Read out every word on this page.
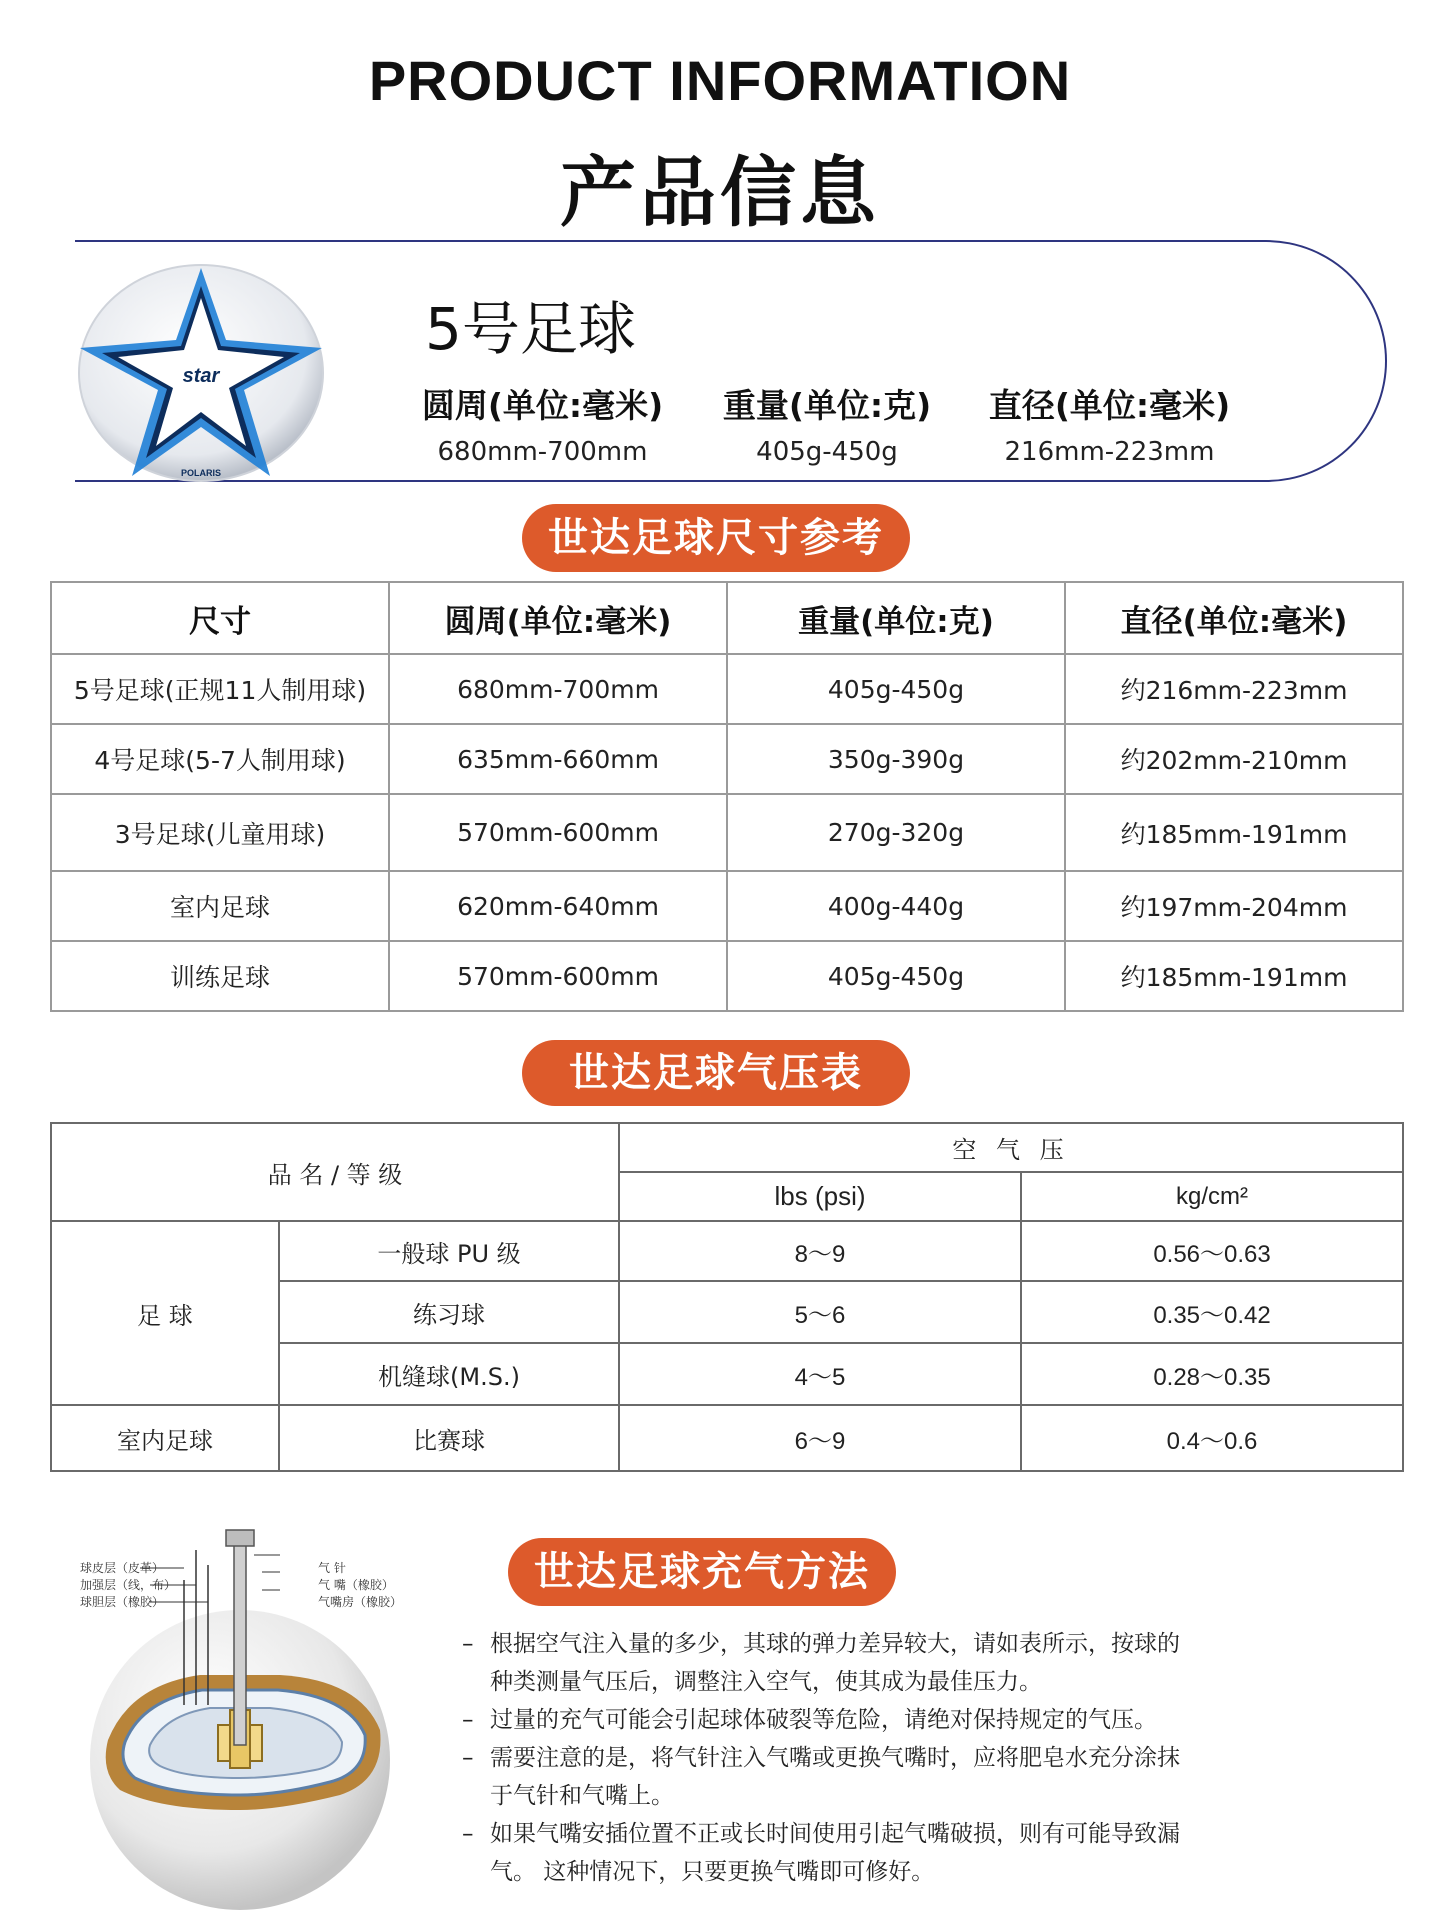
PRODUCT INFORMATION
产品信息
star
POLARIS
5号足球
圆周(单位:毫米)
680mm-700mm
重量(单位:克)
405g-450g
直径(单位:毫米)
216mm-223mm
世达足球尺寸参考
尺寸	圆周(单位:毫米)	重量(单位:克)	直径(单位:毫米)
5号足球(正规11人制用球)	680mm-700mm	405g-450g	约216mm-223mm
4号足球(5-7人制用球)	635mm-660mm	350g-390g	约202mm-210mm
3号足球(儿童用球)	570mm-600mm	270g-320g	约185mm-191mm
室内足球	620mm-640mm	400g-440g	约197mm-204mm
训练足球	570mm-600mm	405g-450g	约185mm-191mm
世达足球气压表
品 名 / 等 级		空 气 压	
		lbs (psi)	kg/cm²
足 球	一般球 PU 级	8～9	0.56～0.63
	练习球	5～6	0.35～0.42
	机缝球(M.S.)	4～5	0.28～0.35
室内足球	比赛球	6～9	0.4～0.6
世达足球充气方法
球皮层（皮革）
加强层（线，布）
球胆层（橡胶）
气 针
气 嘴（橡胶）
气嘴房（橡胶）
– 根据空气注入量的多少，其球的弹力差异较大，请如表所示，按球的种类测量气压后，调整注入空气，使其成为最佳压力。
– 过量的充气可能会引起球体破裂等危险，请绝对保持规定的气压。
– 需要注意的是，将气针注入气嘴或更换气嘴时，应将肥皂水充分涂抹于气针和气嘴上。
– 如果气嘴安插位置不正或长时间使用引起气嘴破损，则有可能导致漏气。 这种情况下，只要更换气嘴即可修好。
